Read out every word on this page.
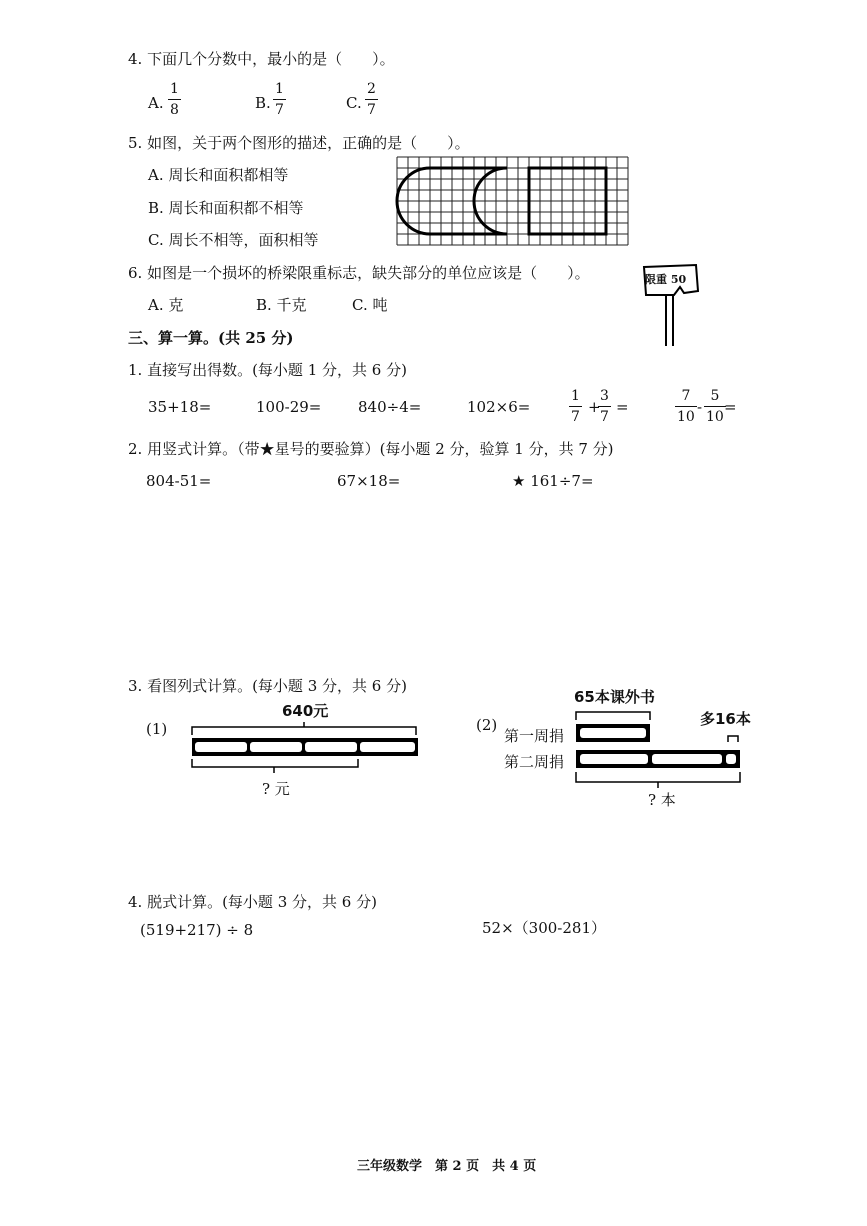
4. 下面几个分数中，最小的是（　　）。
A.
1
8	B.
1
7	C.
2
7
5. 如图，关于两个图形的描述，正确的是（　　）。
A. 周长和面积都相等
B. 周长和面积都不相等
C. 周长不相等，面积相等
6. 如图是一个损坏的桥梁限重标志，缺失部分的单位应该是（　　）。
A. 克	B. 千克	C. 吨
限重 50
三、算一算。(共 25 分)
1. 直接写出得数。(每小题 1 分，共 6 分)
35+18=	100-29= 840÷4=	102×6=
1
7
+
3
7
=
7
10
-
5
10
=
2. 用竖式计算。（带★星号的要验算）(每小题 2 分，验算 1 分，共 7 分)
804-51=	67×18=	★ 161÷7=
3. 看图列式计算。(每小题 3 分，共 6 分)
(1)
640元
? 元
(2)
65本课外书
第一周捐
第二周捐
多16本
? 本
4. 脱式计算。(每小题 3 分，共 6 分)
(519+217) ÷ 8	52×（300-281）
三年级数学　第 2 页　共 4 页
